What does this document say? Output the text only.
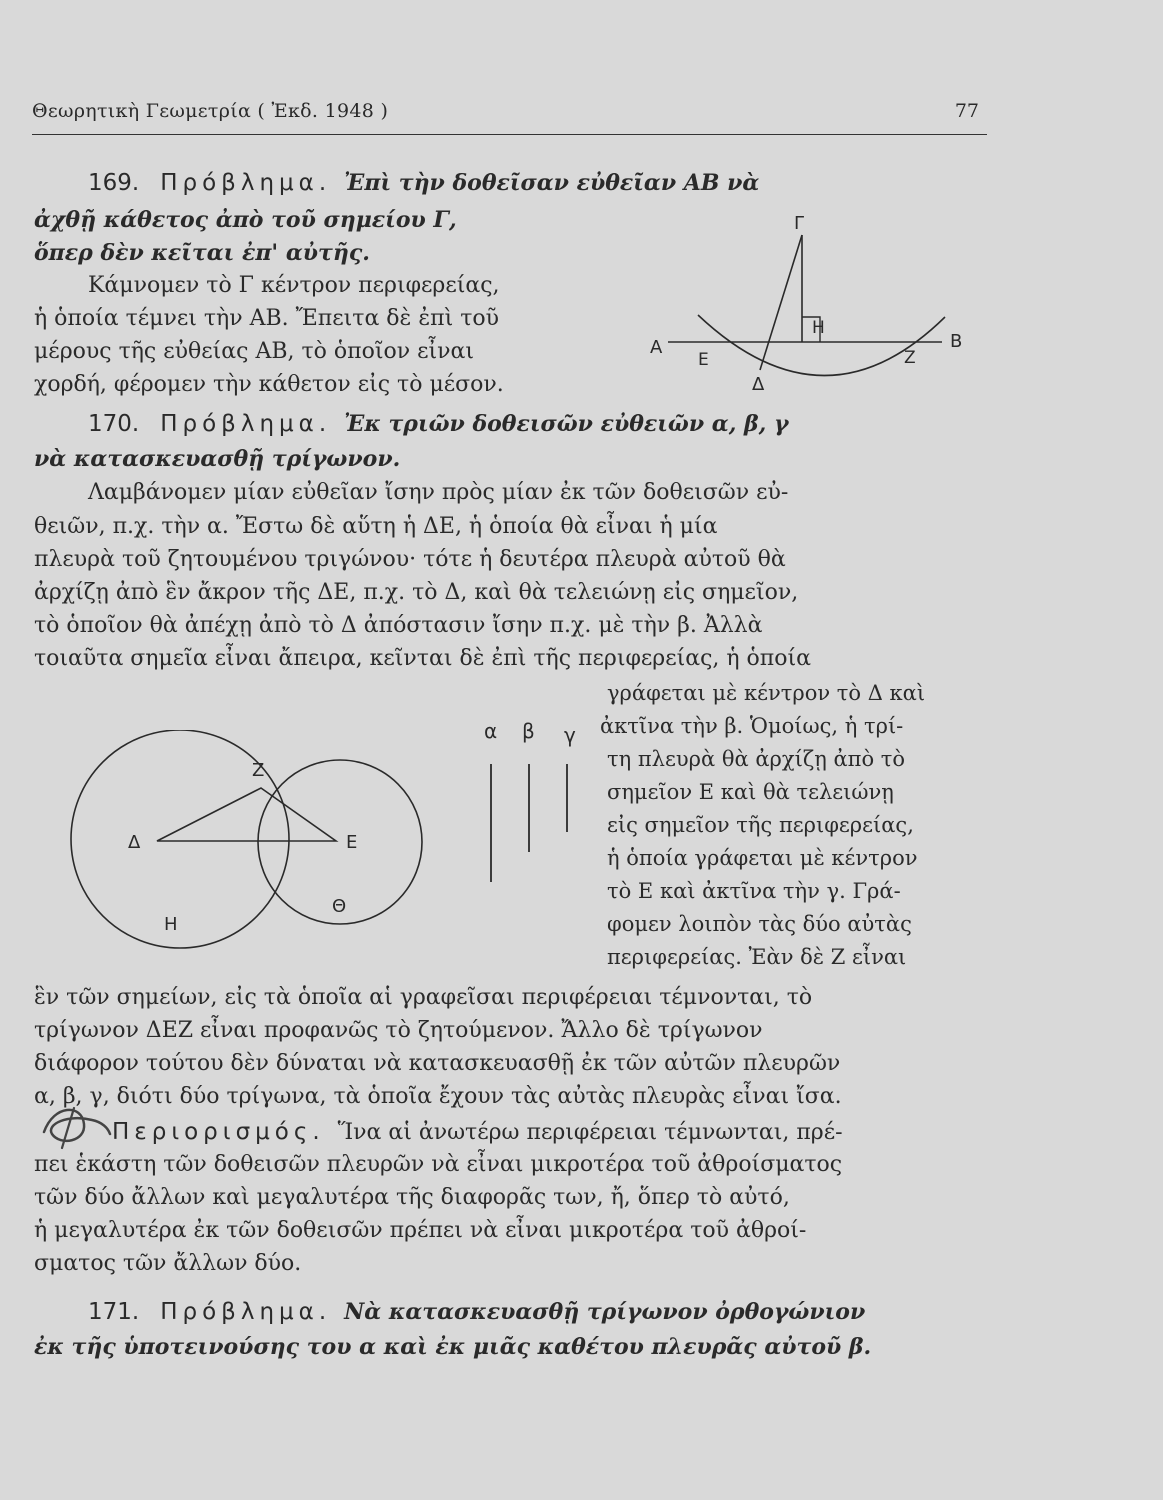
Θεωρητικὴ Γεωμετρία ( Ἐκδ. 1948 )	77
169. Πρόβλημα. Ἐπὶ τὴν δοθεῖσαν εὐθεῖαν AB νὰ
ἀχθῇ κάθετος ἀπὸ τοῦ σημείου Γ,
ὅπερ δὲν κεῖται ἐπ' αὐτῆς.
Κάμνομεν τὸ Γ κέντρον περιφερείας,
ἡ ὁποία τέμνει τὴν AB. Ἔπειτα δὲ ἐπὶ τοῦ
μέρους τῆς εὐθείας AB, τὸ ὁποῖον εἶναι
χορδή, φέρομεν τὴν κάθετον εἰς τὸ μέσον.
Γ
A	B
H
E	Z
Δ
170. Πρόβλημα. Ἐκ τριῶν δοθεισῶν εὐθειῶν α, β, γ
νὰ κατασκευασθῇ τρίγωνον.
Λαμβάνομεν μίαν εὐθεῖαν ἴσην πρὸς μίαν ἐκ τῶν δοθεισῶν εὐ-
θειῶν, π.χ. τὴν α. Ἔστω δὲ αὕτη ἡ ΔΕ, ἡ ὁποία θὰ εἶναι ἡ μία
πλευρὰ τοῦ ζητουμένου τριγώνου· τότε ἡ δευτέρα πλευρὰ αὐτοῦ θὰ
ἀρχίζῃ ἀπὸ ἓν ἄκρον τῆς ΔΕ, π.χ. τὸ Δ, καὶ θὰ τελειώνῃ εἰς σημεῖον,
τὸ ὁποῖον θὰ ἀπέχῃ ἀπὸ τὸ Δ ἀπόστασιν ἴσην π.χ. μὲ τὴν β. Ἀλλὰ
τοιαῦτα σημεῖα εἶναι ἄπειρα, κεῖνται δὲ ἐπὶ τῆς περιφερείας, ἡ ὁποία
γράφεται μὲ κέντρον τὸ Δ καὶ
ἀκτῖνα τὴν β. Ὁμοίως, ἡ τρί-
τη πλευρὰ θὰ ἀρχίζῃ ἀπὸ τὸ
σημεῖον E καὶ θὰ τελειώνῃ
εἰς σημεῖον τῆς περιφερείας,
ἡ ὁποία γράφεται μὲ κέντρον
τὸ E καὶ ἀκτῖνα τὴν γ. Γρά-
φομεν λοιπὸν τὰς δύο αὐτὰς
περιφερείας. Ἐὰν δὲ Z εἶναι
α β γ
Z
Δ	E
H
Θ
ἓν τῶν σημείων, εἰς τὰ ὁποῖα αἱ γραφεῖσαι περιφέρειαι τέμνονται, τὸ
τρίγωνον ΔEZ εἶναι προφανῶς τὸ ζητούμενον. Ἄλλο δὲ τρίγωνον
διάφορον τούτου δὲν δύναται νὰ κατασκευασθῇ ἐκ τῶν αὐτῶν πλευρῶν
α, β, γ, διότι δύο τρίγωνα, τὰ ὁποῖα ἔχουν τὰς αὐτὰς πλευρὰς εἶναι ἴσα.
Περιορισμός. Ἵνα αἱ ἀνωτέρω περιφέρειαι τέμνωνται, πρέ-
πει ἑκάστη τῶν δοθεισῶν πλευρῶν νὰ εἶναι μικροτέρα τοῦ ἀθροίσματος
τῶν δύο ἄλλων καὶ μεγαλυτέρα τῆς διαφορᾶς των, ἤ, ὅπερ τὸ αὐτό,
ἡ μεγαλυτέρα ἐκ τῶν δοθεισῶν πρέπει νὰ εἶναι μικροτέρα τοῦ ἀθροί-
σματος τῶν ἄλλων δύο.
171. Πρόβλημα. Νὰ κατασκευασθῇ τρίγωνον ὀρθογώνιον
ἐκ τῆς ὑποτεινούσης του α καὶ ἐκ μιᾶς καθέτου πλευρᾶς αὐτοῦ β.
